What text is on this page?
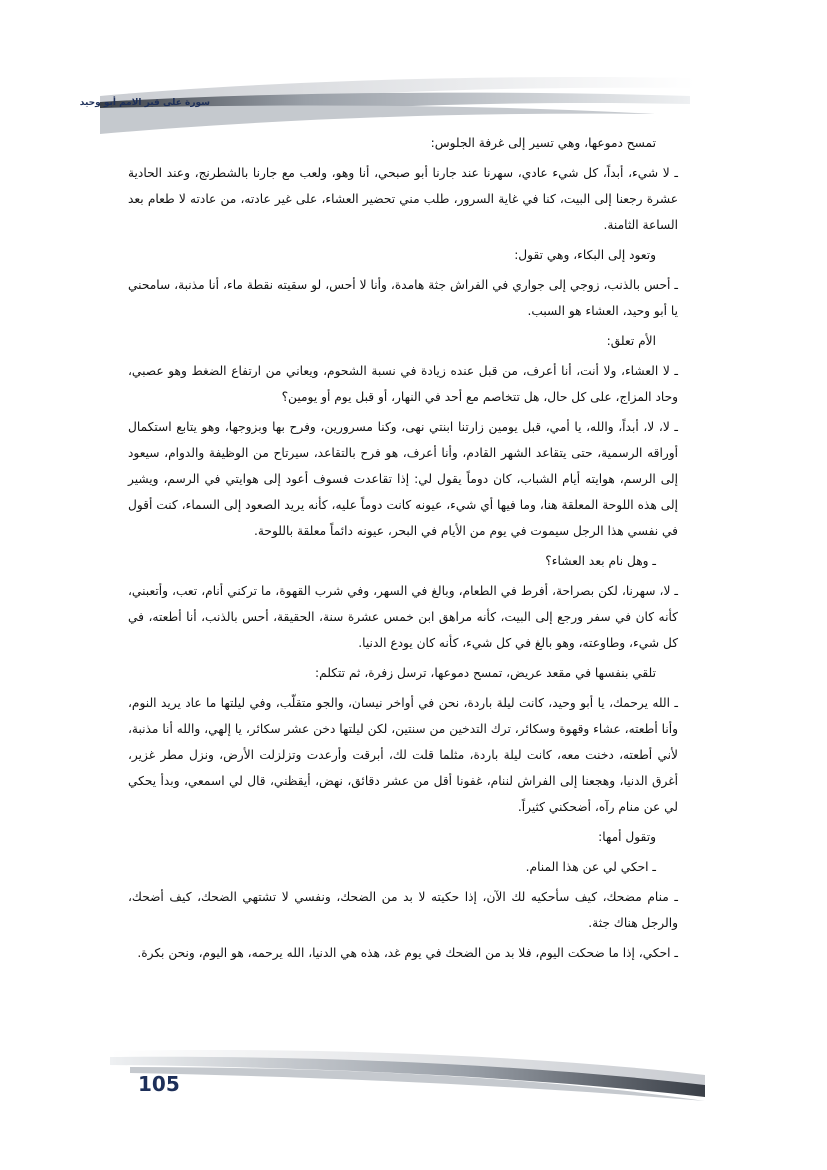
سورة على قبر الامم أبو وحيد

تمسح دموعها، وهي تسير إلى غرفة الجلوس:

ـ لا شيء، أبداً، كل شيء عادي، سهرنا عند جارنا أبو صبحي، أنا وهو، ولعب مع جارنا بالشطرنج، وعند الحادية عشرة رجعنا إلى البيت، كنا في غاية السرور، طلب مني تحضير العشاء، على غير عادته، من عادته لا طعام بعد الساعة الثامنة.

وتعود إلى البكاء، وهي تقول:

ـ أحس بالذنب، زوجي إلى جواري في الفراش جثة هامدة، وأنا لا أحس، لو سقيته نقطة ماء، أنا مذنبة، سامحني يا أبو وحيد، العشاء هو السبب.

الأم تعلق:

ـ لا العشاء، ولا أنت، أنا أعرف، من قبل عنده زيادة في نسبة الشحوم، ويعاني من ارتفاع الضغط وهو عصبي، وحاد المزاج، على كل حال، هل تتخاصم مع أحد في النهار، أو قبل يوم أو يومين؟

ـ لا، لا، أبداً، والله، يا أمي، قبل يومين زارتنا ابنتي نهى، وكنا مسرورين، وفرح بها وبزوجها، وهو يتابع استكمال أوراقه الرسمية، حتى يتقاعد الشهر القادم، وأنا أعرف، هو فرح بالتقاعد، سيرتاح من الوظيفة والدوام، سيعود إلى الرسم، هوايته أيام الشباب، كان دوماً يقول لي: إذا تقاعدت فسوف أعود إلى هوايتي في الرسم، ويشير إلى هذه اللوحة المعلقة هنا، وما فيها أي شيء، عيونه كانت دوماً عليه، كأنه يريد الصعود إلى السماء، كنت أقول في نفسي هذا الرجل سيموت في يوم من الأيام في البحر، عيونه دائماً معلقة باللوحة.

ـ وهل نام بعد العشاء؟

ـ لا، سهرنا، لكن بصراحة، أفرط في الطعام، وبالغ في السهر، وفي شرب القهوة، ما تركني أنام، تعب، وأتعبني، كأنه كان في سفر ورجع إلى البيت، كأنه مراهق ابن خمس عشرة سنة، الحقيقة، أحس بالذنب، أنا أطعته، في كل شيء، وطاوعته، وهو بالغ في كل شيء، كأنه كان يودع الدنيا.

تلقي بنفسها في مقعد عريض، تمسح دموعها، ترسل زفرة، ثم تتكلم:

ـ الله يرحمك، يا أبو وحيد، كانت ليلة باردة، نحن في أواخر نيسان، والجو متقلّب، وفي ليلتها ما عاد يريد النوم، وأنا أطعته، عشاء وقهوة وسكائر، ترك التدخين من سنتين، لكن ليلتها دخن عشر سكائر، يا إلهي، والله أنا مذنبة، لأني أطعته، دخنت معه، كانت ليلة باردة، مثلما قلت لك، أبرقت وأرعدت وتزلزلت الأرض، ونزل مطر غزير، أغرق الدنيا، وهجعنا إلى الفراش لننام، غفونا أقل من عشر دقائق، نهض، أيقظني، قال لي اسمعي، وبدأ يحكي لي عن منام رآه، أضحكني كثيراً.

وتقول أمها:

ـ احكي لي عن هذا المنام.

ـ منام مضحك، كيف سأحكيه لك الآن، إذا حكيته لا بد من الضحك، ونفسي لا تشتهي الضحك، كيف أضحك، والرجل هناك جثة.

ـ احكي، إذا ما ضحكت اليوم، فلا بد من الضحك في يوم غد، هذه هي الدنيا، الله يرحمه، هو اليوم، ونحن بكرة.

105
